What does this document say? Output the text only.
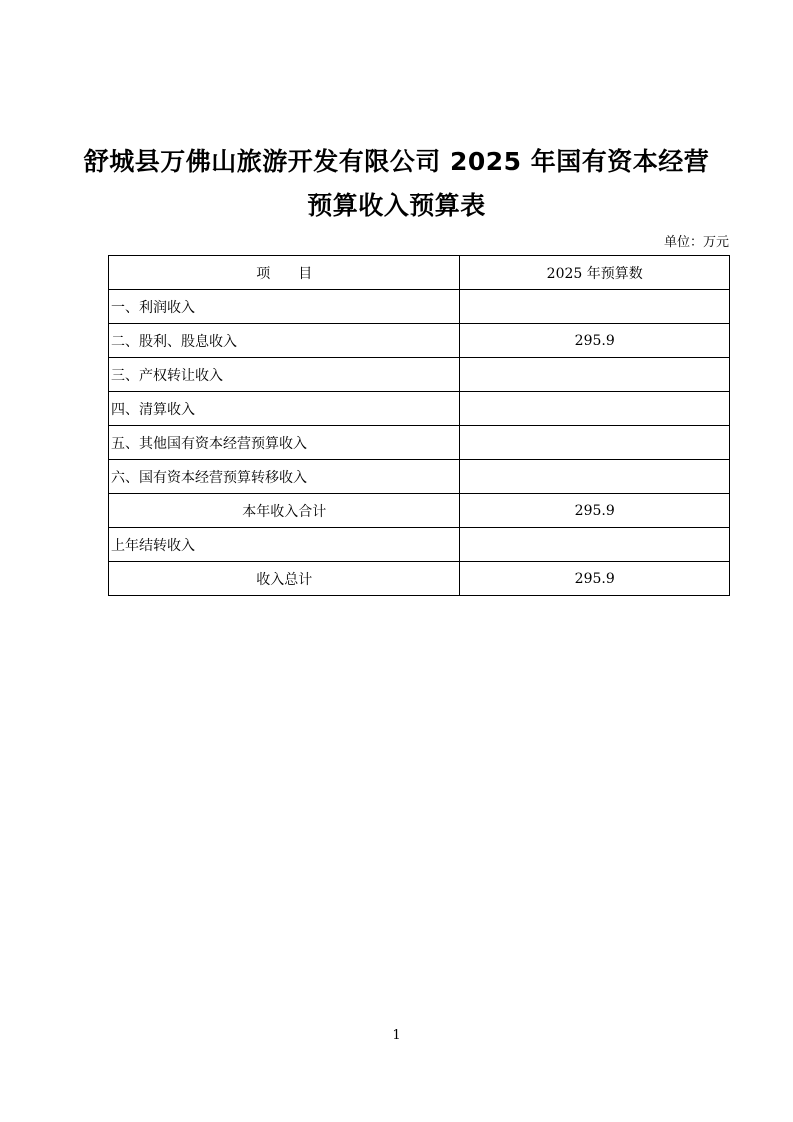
舒城县万佛山旅游开发有限公司 2025 年国有资本经营
预算收入预算表
单位：万元
项　　目	2025 年预算数
一、利润收入	
二、股利、股息收入	295.9
三、产权转让收入	
四、清算收入	
五、其他国有资本经营预算收入	
六、国有资本经营预算转移收入	
本年收入合计	295.9
上年结转收入	
收入总计	295.9
1
